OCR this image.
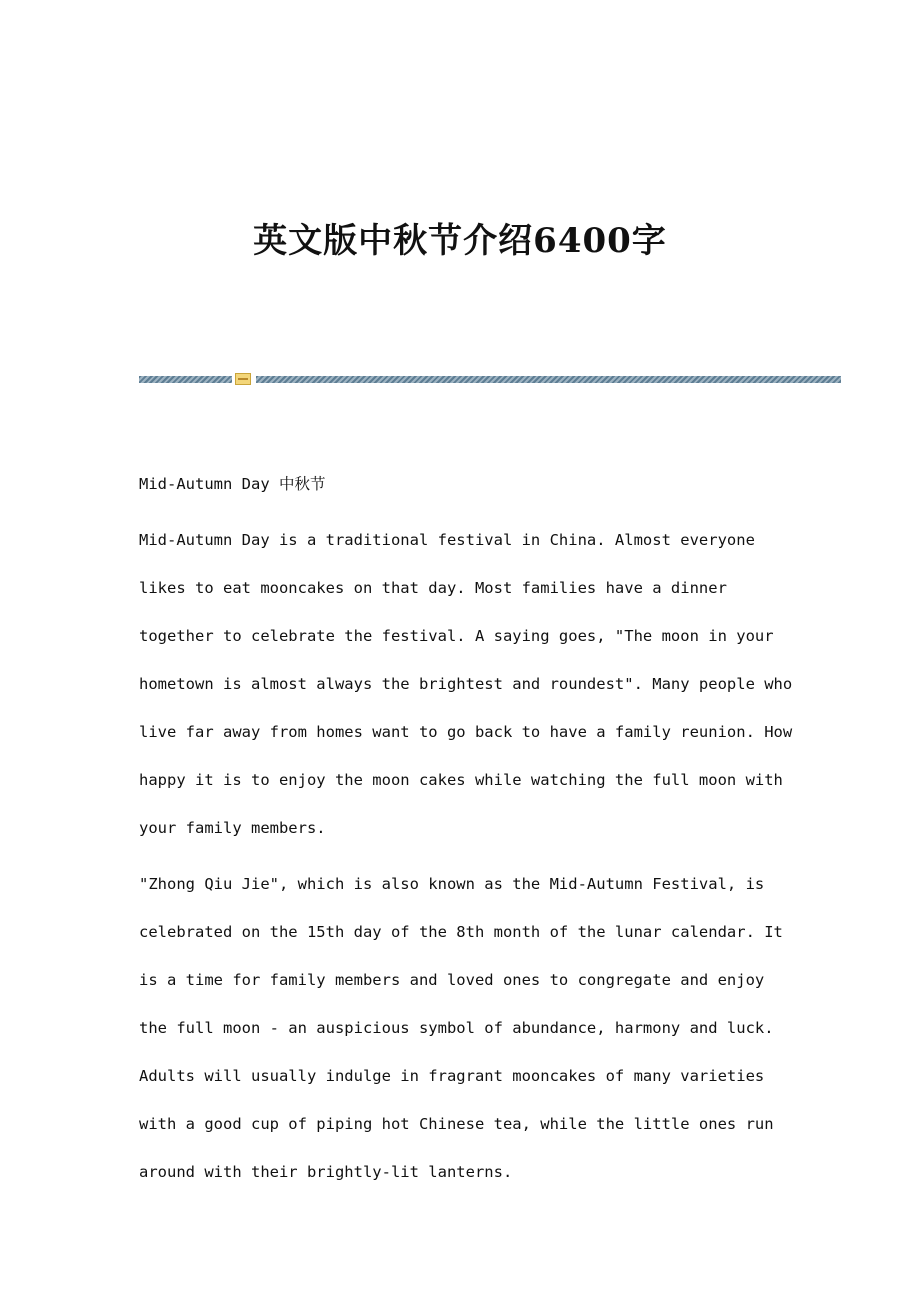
英文版中秋节介绍6400字

Mid-Autumn Day 中秋节

Mid-Autumn Day is a traditional festival in China. Almost everyone likes to eat mooncakes on that day. Most families have a dinner together to celebrate the festival. A saying goes, "The moon in your hometown is almost always the brightest and roundest". Many people who live far away from homes want to go back to have a family reunion. How happy it is to enjoy the moon cakes while watching the full moon with your family members.

"Zhong Qiu Jie", which is also known as the Mid-Autumn Festival, is celebrated on the 15th day of the 8th month of the lunar calendar. It is a time for family members and loved ones to congregate and enjoy the full moon - an auspicious symbol of abundance, harmony and luck. Adults will usually indulge in fragrant mooncakes of many varieties with a good cup of piping hot Chinese tea, while the little ones run around with their brightly-lit lanterns.
